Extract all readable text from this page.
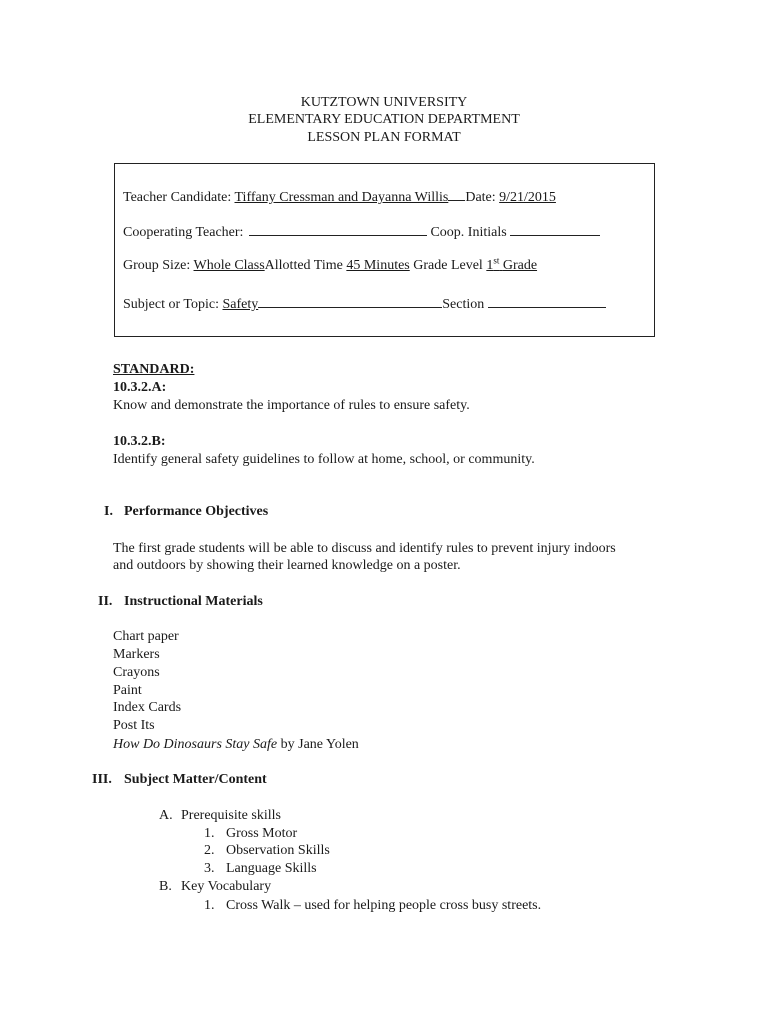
KUTZTOWN UNIVERSITY
ELEMENTARY EDUCATION DEPARTMENT
LESSON PLAN FORMAT
Teacher Candidate: Tiffany Cressman and Dayanna Willis Date: 9/21/2015
Cooperating Teacher:	Coop. Initials
Group Size: Whole ClassAllotted Time 45 Minutes Grade Level 1st Grade
Subject or Topic: Safety	Section
STANDARD:
10.3.2.A:
Know and demonstrate the importance of rules to ensure safety.
10.3.2.B:
Identify general safety guidelines to follow at home, school, or community.
I. Performance Objectives
The first grade students will be able to discuss and identify rules to prevent injury indoors
and outdoors by showing their learned knowledge on a poster.
II. Instructional Materials
Chart paper
Markers
Crayons
Paint
Index Cards
Post Its
How Do Dinosaurs Stay Safe by Jane Yolen
III. Subject Matter/Content
A. Prerequisite skills
1. Gross Motor
2. Observation Skills
3. Language Skills
B. Key Vocabulary
1. Cross Walk – used for helping people cross busy streets.
